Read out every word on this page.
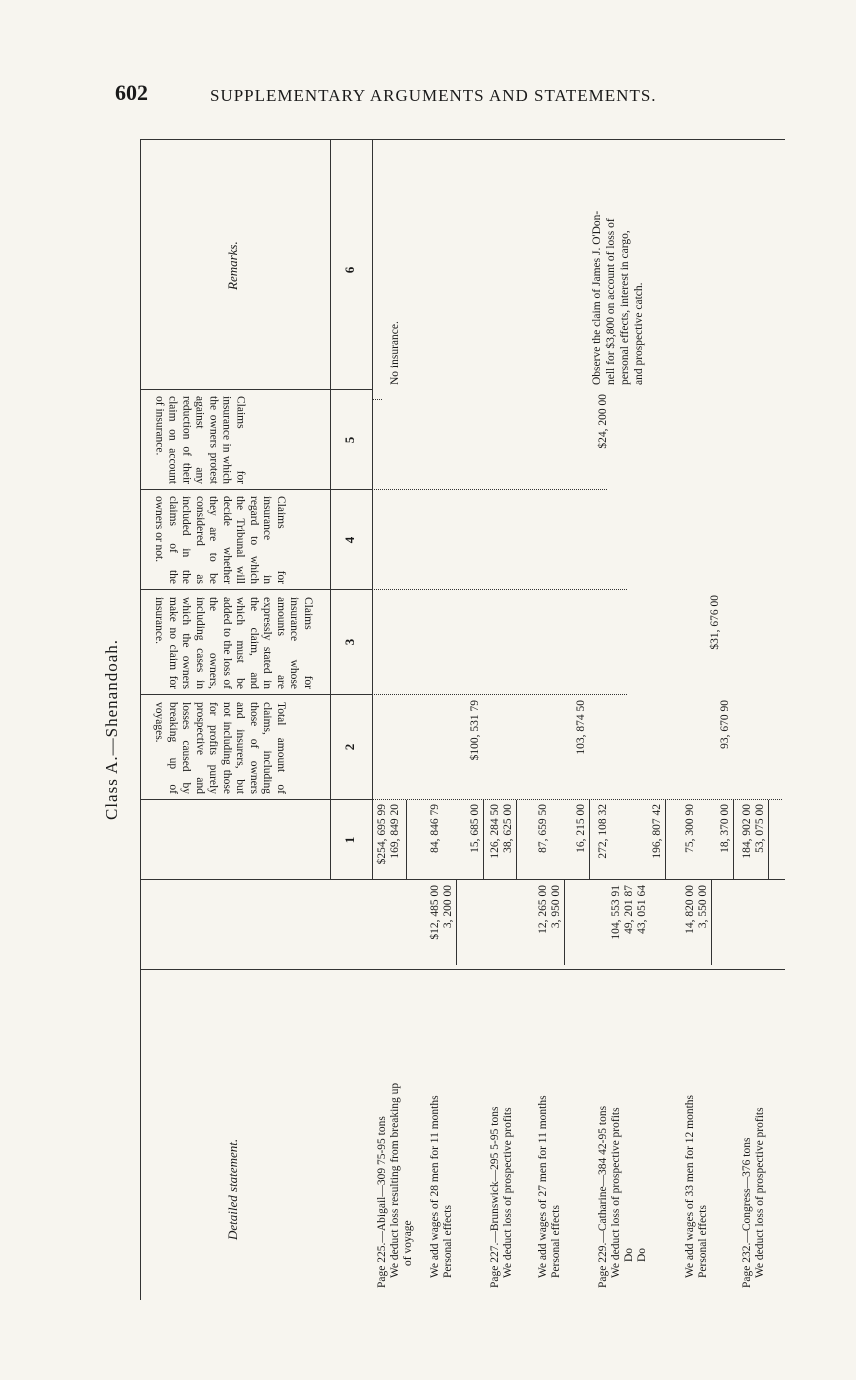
602	SUPPLEMENTARY ARGUMENTS AND STATEMENTS.
Class A.—Shenandoah.
Detailed statement.
Total amount of claims, including those of owners and insurers, but not including those for profits purely prospective and losses caused by breaking up of voyages.
Claims for insurance whose amounts are expressly stated in the claim, and which must be added to the loss of the owners, including cases in which the owners make no claim for insurance.
Claims for insurance in regard to which the Tribunal will decide whether they are to be considered as included in the claims of the owners or not.
Claims for insurance in which the owners protest against any reduction of their claim on account of insurance.
Remarks.
1
2
3
4
5
6
Page 225.—Abigail—309 75-95 tons
$254, 695 99
We deduct loss resulting from breaking up
169, 849 20
of voyage
No insurance.
We add wages of 28 men for 11 months
$12, 485 00
84, 846 79
Personal effects
3, 200 00
15, 685 00
$100, 531 79
Page 227.—Brunswick—295 5-95 tons
126, 284 50
We deduct loss of prospective profits
38, 625 00
We add wages of 27 men for 11 months
12, 265 00
87, 659 50
Personal effects
3, 950 00
16, 215 00
103, 874 50
Page 229.—Catharine—384 42-95 tons
272, 108 32
$24, 200 00
Observe the claim of James J. O'Don- nell for $3,800 on account of loss of personal effects, interest in cargo, and prospective catch.
We deduct loss of prospective profits
104, 553 91
Do
49, 201 87
Do
43, 051 64
196, 807 42
We add wages of 33 men for 12 months
14, 820 00
75, 300 90
Personal effects
3, 550 00
18, 370 00
93, 670 90
$31, 676 00
Page 232.—Congress—376 tons
184, 902 00
We deduct loss of prospective profits
53, 075 00
